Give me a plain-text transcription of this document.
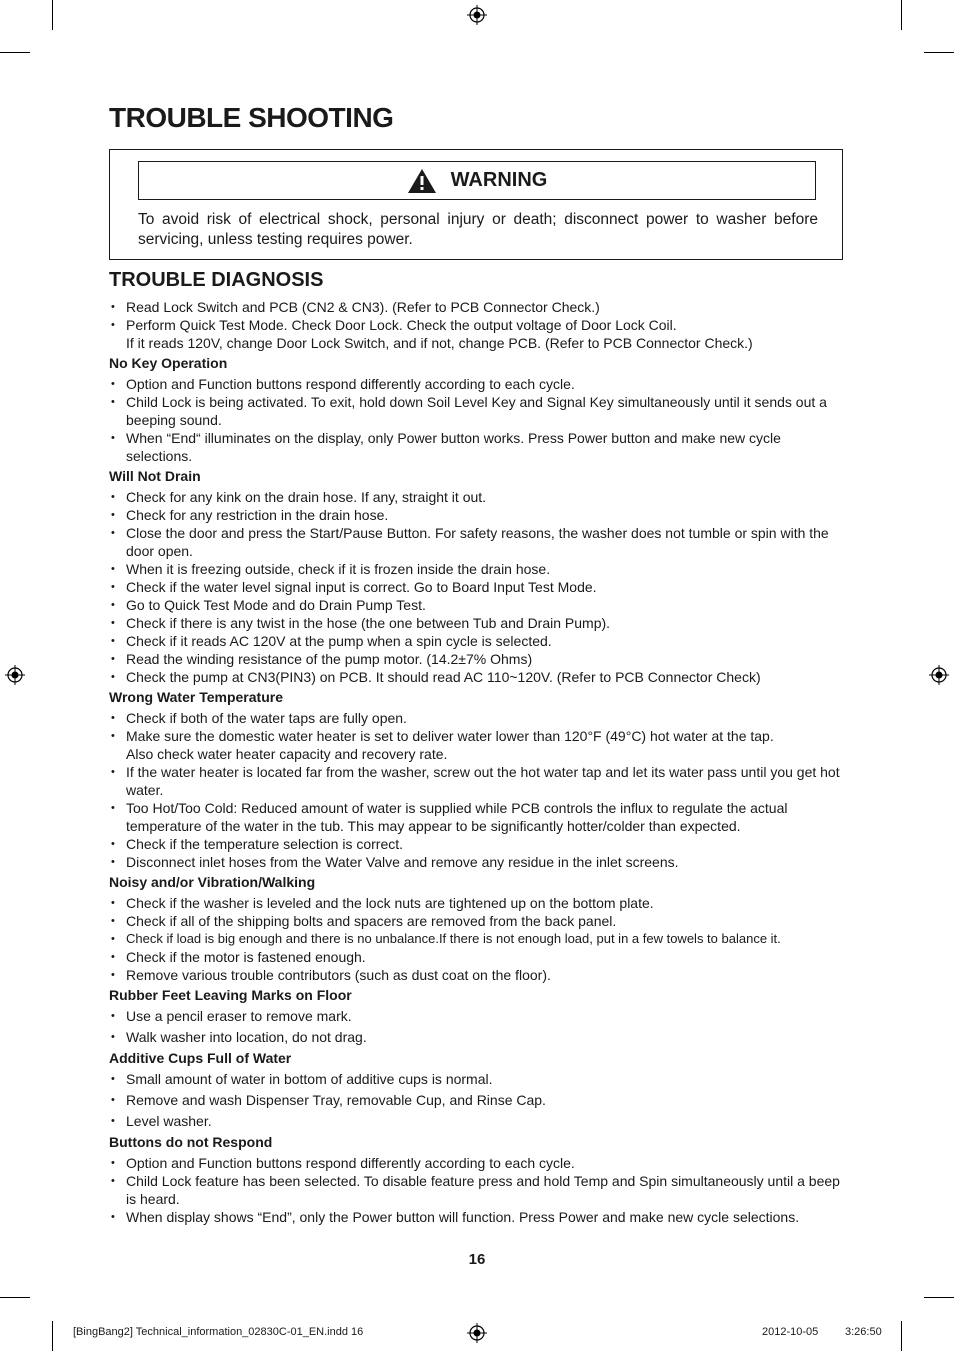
TROUBLE SHOOTING
WARNING

To avoid risk of electrical shock, personal injury or death; disconnect power to washer before servicing, unless testing requires power.

TROUBLE DIAGNOSIS
• Read Lock Switch and PCB (CN2 & CN3). (Refer to PCB Connector Check.)
• Perform Quick Test Mode. Check Door Lock. Check the output voltage of Door Lock Coil.
If it reads 120V, change Door Lock Switch, and if not, change PCB. (Refer to PCB Connector Check.)
No Key Operation
• Option and Function buttons respond differently according to each cycle.
• Child Lock is being activated. To exit, hold down Soil Level Key and Signal Key simultaneously until it sends out a beeping sound.
• When “End“ illuminates on the display, only Power button works. Press Power button and make new cycle selections.
Will Not Drain
• Check for any kink on the drain hose. If any, straight it out.
• Check for any restriction in the drain hose.
• Close the door and press the Start/Pause Button. For safety reasons, the washer does not tumble or spin with the door open.
• When it is freezing outside, check if it is frozen inside the drain hose.
• Check if the water level signal input is correct. Go to Board Input Test Mode.
• Go to Quick Test Mode and do Drain Pump Test.
• Check if there is any twist in the hose (the one between Tub and Drain Pump).
• Check if it reads AC 120V at the pump when a spin cycle is selected.
• Read the winding resistance of the pump motor. (14.2±7% Ohms)
• Check the pump at CN3(PIN3) on PCB. It should read AC 110~120V. (Refer to PCB Connector Check)
Wrong Water Temperature
• Check if both of the water taps are fully open.
• Make sure the domestic water heater is set to deliver water lower than 120°F (49°C) hot water at the tap.
Also check water heater capacity and recovery rate.
• If the water heater is located far from the washer, screw out the hot water tap and let its water pass until you get hot water.
• Too Hot/Too Cold: Reduced amount of water is supplied while PCB controls the influx to regulate the actual temperature of the water in the tub. This may appear to be significantly hotter/colder than expected.
• Check if the temperature selection is correct.
• Disconnect inlet hoses from the Water Valve and remove any residue in the inlet screens.
Noisy and/or Vibration/Walking
• Check if the washer is leveled and the lock nuts are tightened up on the bottom plate.
• Check if all of the shipping bolts and spacers are removed from the back panel.
• Check if load is big enough and there is no unbalance.If there is not enough load, put in a few towels to balance it.
• Check if the motor is fastened enough.
• Remove various trouble contributors (such as dust coat on the floor).
Rubber Feet Leaving Marks on Floor
• Use a pencil eraser to remove mark.
• Walk washer into location, do not drag.
Additive Cups Full of Water
• Small amount of water in bottom of additive cups is normal.
• Remove and wash Dispenser Tray, removable Cup, and Rinse Cap.
• Level washer.
Buttons do not Respond
• Option and Function buttons respond differently according to each cycle.
• Child Lock feature has been selected. To disable feature press and hold Temp and Spin simultaneously until a beep is heard.
• When display shows “End”, only the Power button will function. Press Power and make new cycle selections.
16
[BingBang2] Technical_information_02830C-01_EN.indd 16	2012-10-05 3:26:50
